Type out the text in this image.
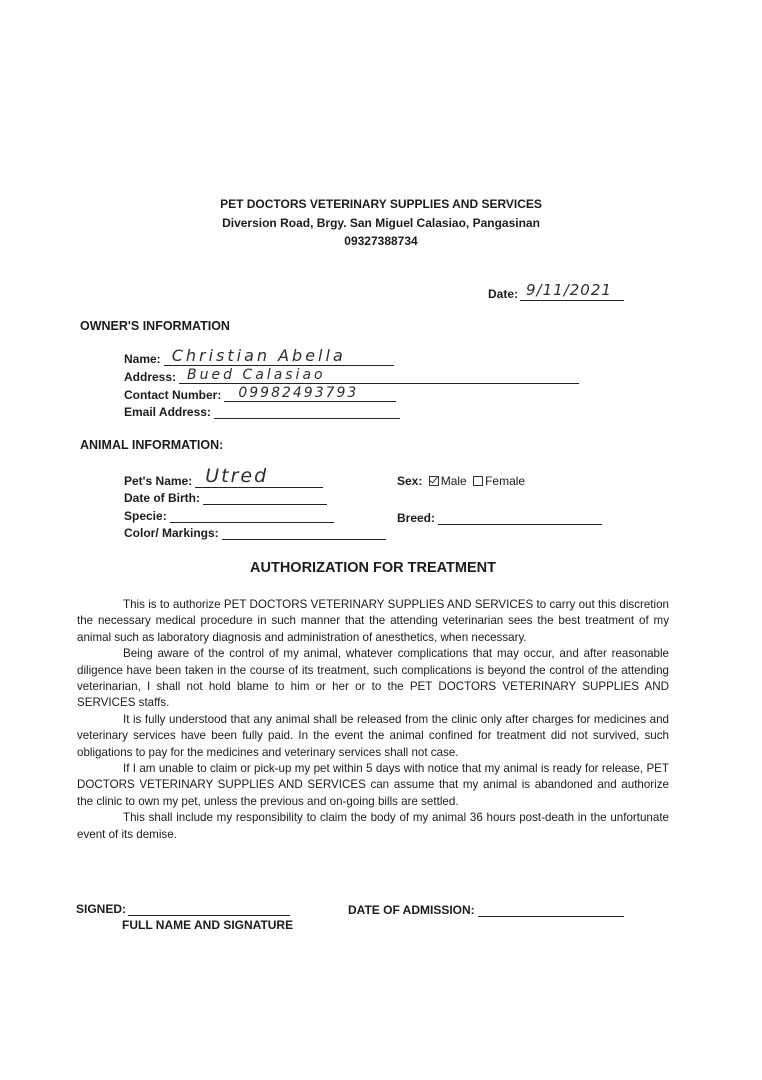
PET DOCTORS VETERINARY SUPPLIES AND SERVICES
Diversion Road, Brgy. San Miguel Calasiao, Pangasinan
09327388734
Date: 9/11/2021
OWNER'S INFORMATION
Name: Christian Abella
Address: Bued Calasiao
Contact Number: 09982493793
Email Address:
ANIMAL INFORMATION:
Pet's Name: Utred	Sex: Male Female
Date of Birth:
Specie:	Breed:
Color/ Markings:
AUTHORIZATION FOR TREATMENT

This is to authorize PET DOCTORS VETERINARY SUPPLIES AND SERVICES to carry out this discretion the necessary medical procedure in such manner that the attending veterinarian sees the best treatment of my animal such as laboratory diagnosis and administration of anesthetics, when necessary.

Being aware of the control of my animal, whatever complications that may occur, and after reasonable diligence have been taken in the course of its treatment, such complications is beyond the control of the attending veterinarian, I shall not hold blame to him or her or to the PET DOCTORS VETERINARY SUPPLIES AND SERVICES staffs.

It is fully understood that any animal shall be released from the clinic only after charges for medicines and veterinary services have been fully paid. In the event the animal confined for treatment did not survived, such obligations to pay for the medicines and veterinary services shall not case.

If I am unable to claim or pick-up my pet within 5 days with notice that my animal is ready for release, PET DOCTORS VETERINARY SUPPLIES AND SERVICES can assume that my animal is abandoned and authorize the clinic to own my pet, unless the previous and on-going bills are settled.

This shall include my responsibility to claim the body of my animal 36 hours post-death in the unfortunate event of its demise.

SIGNED:
FULL NAME AND SIGNATURE
DATE OF ADMISSION:
